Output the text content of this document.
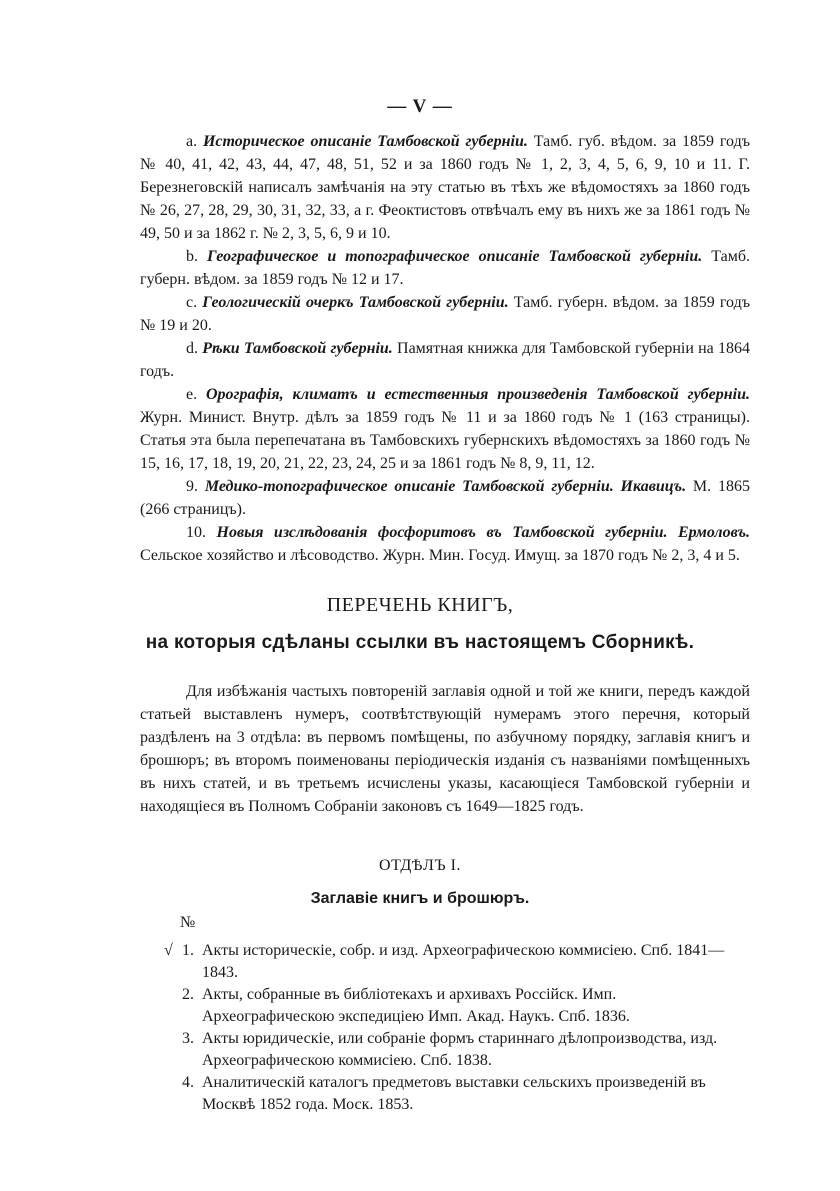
— V —

a. Историческое описанiе Тамбовской губернiи. Тамб. губ. вѣдом. за 1859 годъ № 40, 41, 42, 43, 44, 47, 48, 51, 52 и за 1860 годъ № 1, 2, 3, 4, 5, 6, 9, 10 и 11. Г. Березнеговскiй написалъ замѣчанiя на эту статью въ тѣхъ же вѣдомостяхъ за 1860 годъ № 26, 27, 28, 29, 30, 31, 32, 33, а г. Феоктистовъ отвѣчалъ ему въ нихъ же за 1861 годъ № 49, 50 и за 1862 г. № 2, 3, 5, 6, 9 и 10.

b. Географическое и топографическое описанiе Тамбовской губернiи. Тамб. губерн. вѣдом. за 1859 годъ № 12 и 17.

c. Геологическiй очеркъ Тамбовской губернiи. Тамб. губерн. вѣдом. за 1859 годъ № 19 и 20.

d. Рѣки Тамбовской губернiи. Памятная книжка для Тамбовской губернiи на 1864 годъ.

e. Орографiя, климатъ и естественныя произведенiя Тамбовской губернiи. Журн. Минист. Внутр. дѣлъ за 1859 годъ № 11 и за 1860 годъ № 1 (163 страницы). Статья эта была перепечатана въ Тамбовскихъ губернскихъ вѣдомостяхъ за 1860 годъ № 15, 16, 17, 18, 19, 20, 21, 22, 23, 24, 25 и за 1861 годъ № 8, 9, 11, 12.

9. Медико-топографическое описанiе Тамбовской губернiи. Икавицъ. М. 1865 (266 страницъ).

10. Новыя изслѣдованiя фосфоритовъ въ Тамбовской губернiи. Ермоловъ. Сельское хозяйство и лѣсоводство. Журн. Мин. Госуд. Имущ. за 1870 годъ № 2, 3, 4 и 5.

ПЕРЕЧЕНЬ КНИГЪ,
на которыя сдѣланы ссылки въ настоящемъ Сборникѣ.

Для избѣжанiя частыхъ повторенiй заглавiя одной и той же книги, передъ каждой статьей выставленъ нумеръ, соотвѣтствующiй нумерамъ этого перечня, который раздѣленъ на 3 отдѣла: въ первомъ помѣщены, по азбучному порядку, заглавiя книгъ и брошюръ; въ второмъ поименованы перiодическiя изданiя съ названiями помѣщенныхъ въ нихъ статей, и въ третьемъ исчислены указы, касающiеся Тамбовской губернiи и находящiеся въ Полномъ Собранiи законовъ съ 1649—1825 годъ.

ОТДѢЛЪ I.
Заглавiе книгъ и брошюръ.
№
√ 1. Акты историческiе, собр. и изд. Археографическою коммисiею. Спб. 1841—1843.
2. Акты, собранные въ библiотекахъ и архивахъ Россiйск. Имп. Археографическою экспедицiею Имп. Акад. Наукъ. Спб. 1836.
3. Акты юридическiе, или собранiе формъ стариннаго дѣлопроизводства, изд. Археографическою коммисiею. Спб. 1838.
4. Аналитическiй каталогъ предметовъ выставки сельскихъ произведенiй въ Москвѣ 1852 года. Моск. 1853.
